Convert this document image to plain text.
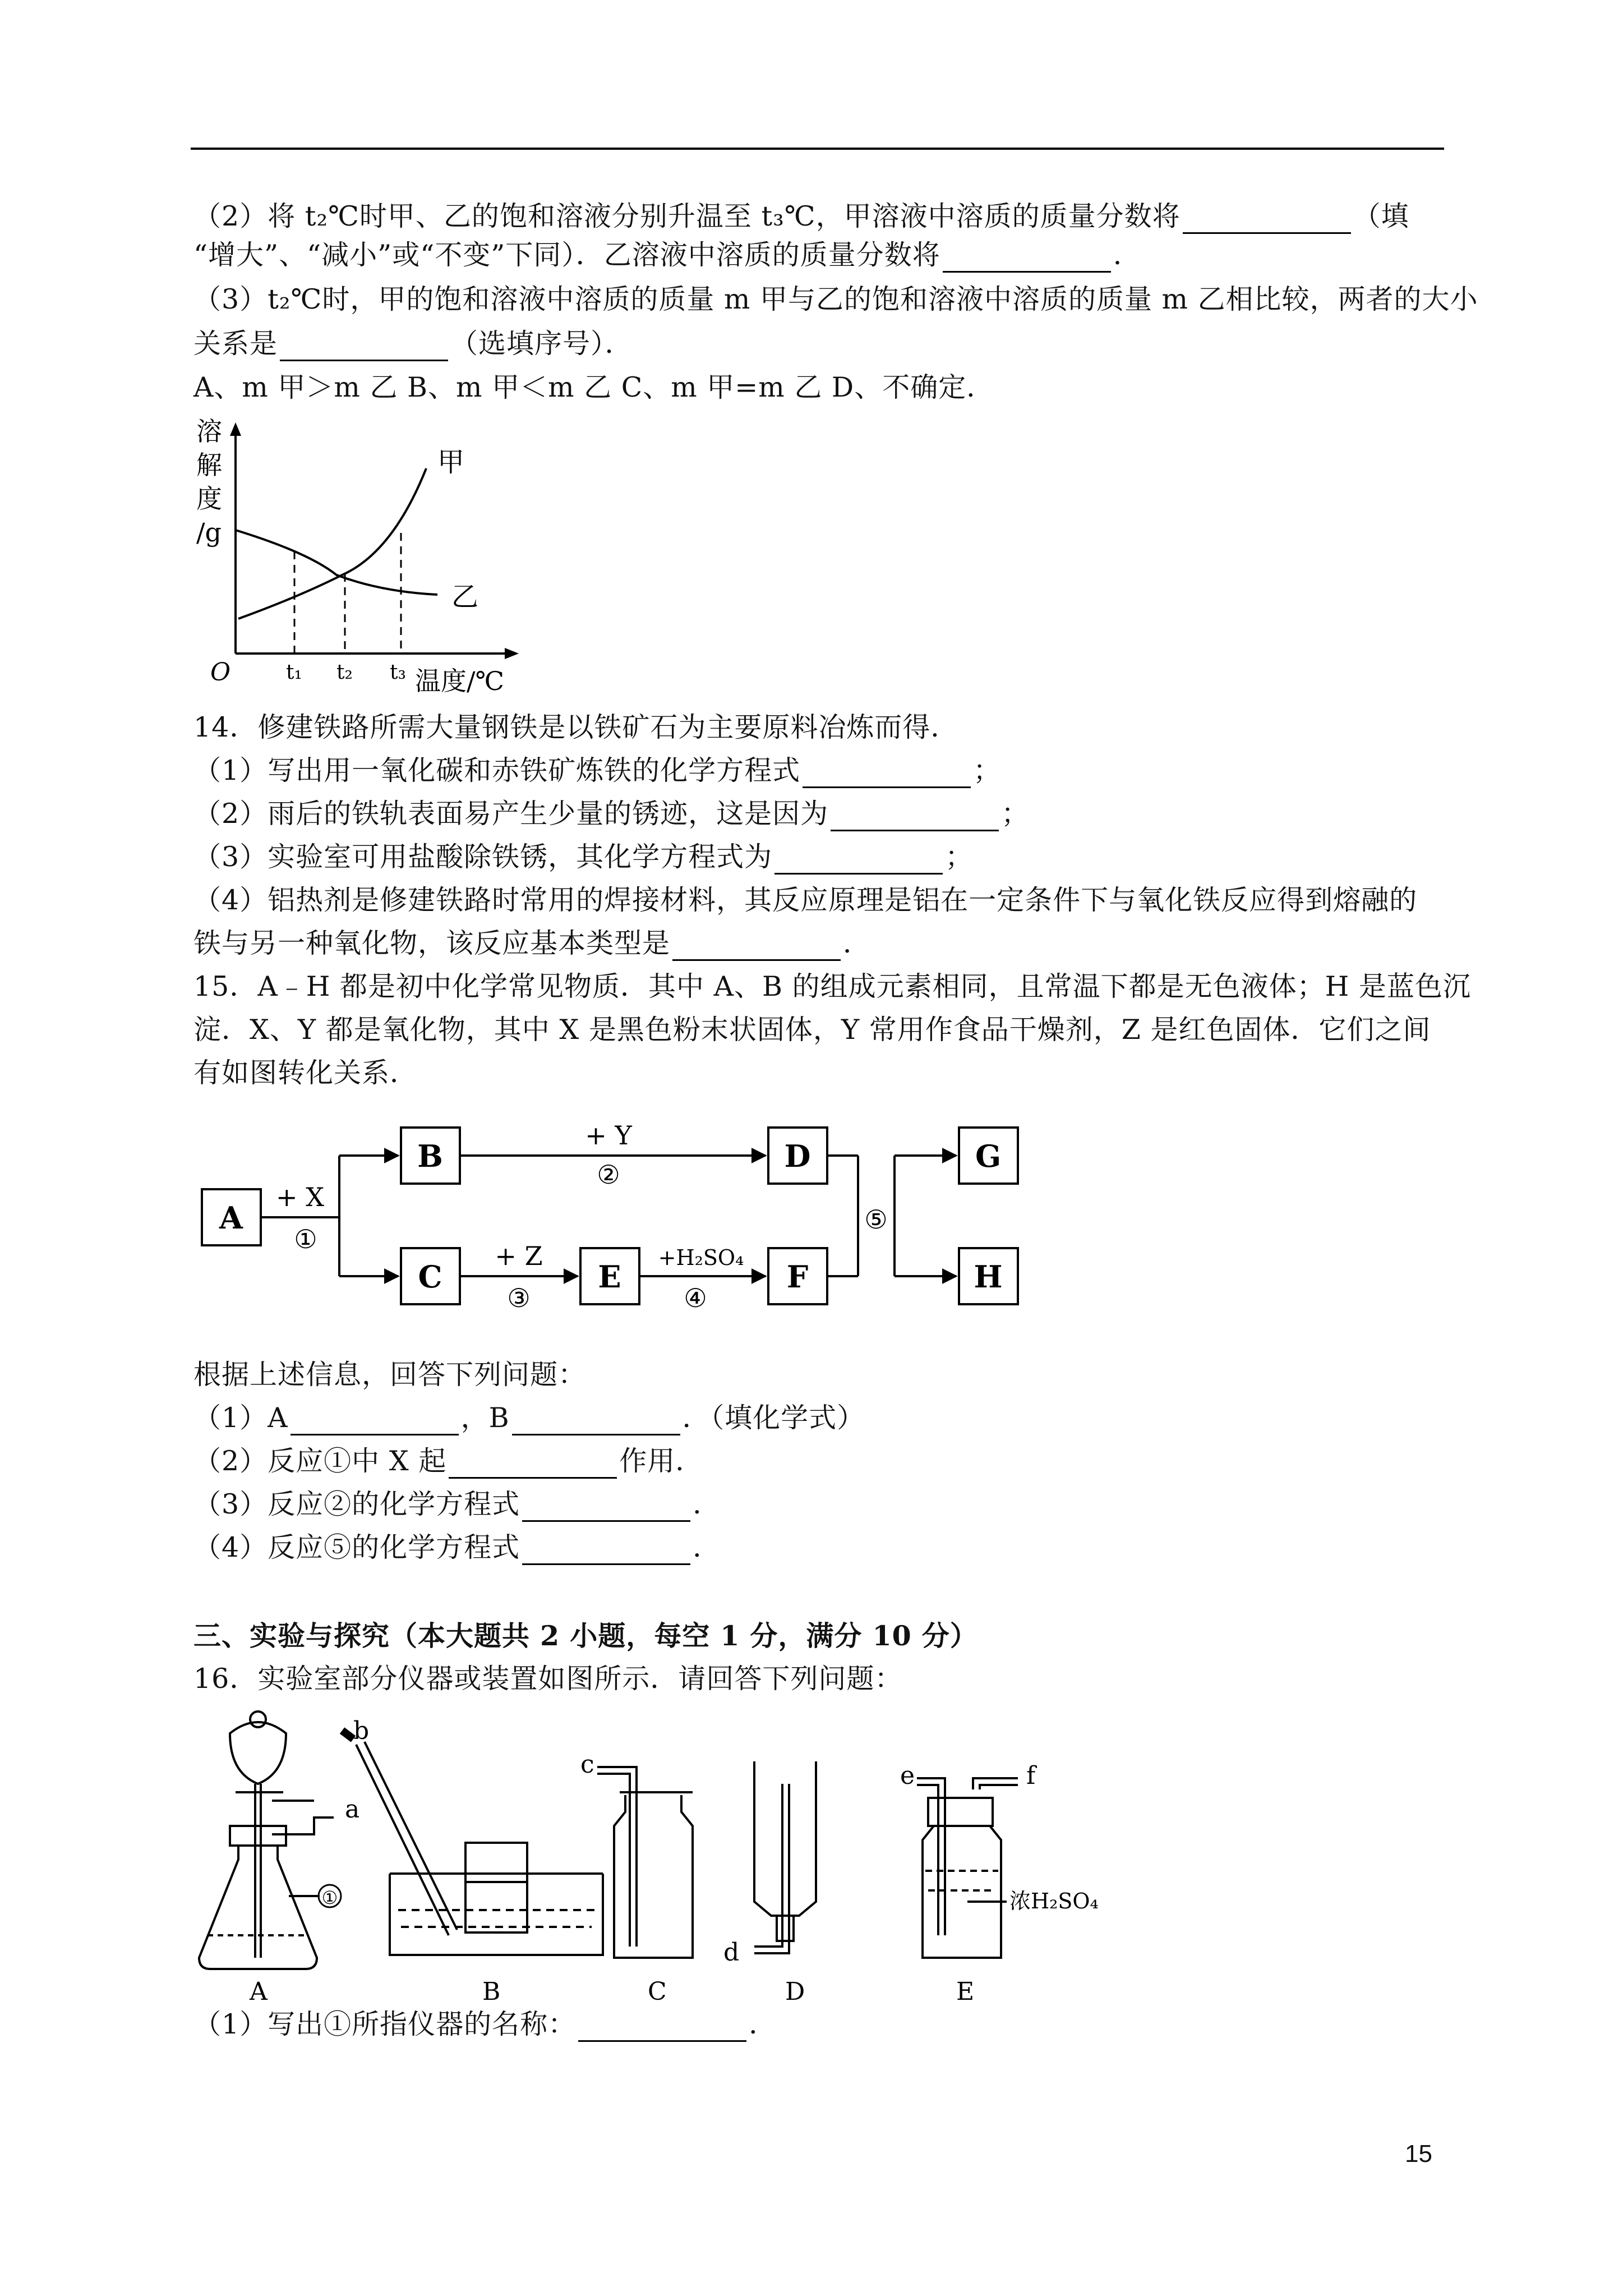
（2）将 t₂℃时甲、乙的饱和溶液分别升温至 t₃℃，甲溶液中溶质的质量分数将	（填
“增大”、“减小”或“不变”下同）．乙溶液中溶质的质量分数将	．
（3）t₂℃时，甲的饱和溶液中溶质的质量 m 甲与乙的饱和溶液中溶质的质量 m 乙相比较，两者的大小
关系是	（选填序号）．
A、m 甲＞m 乙 B、m 甲＜m 乙 C、m 甲=m 乙 D、不确定．
溶
解
度
/g
O	t₁ t₂ t₃ 温度/℃
甲
乙
14．修建铁路所需大量钢铁是以铁矿石为主要原料冶炼而得．
（1）写出用一氧化碳和赤铁矿炼铁的化学方程式	；
（2）雨后的铁轨表面易产生少量的锈迹，这是因为	；
（3）实验室可用盐酸除铁锈，其化学方程式为	；
（4）铝热剂是修建铁路时常用的焊接材料，其反应原理是铝在一定条件下与氧化铁反应得到熔融的
铁与另一种氧化物，该反应基本类型是	．
15．A﹣H 都是初中化学常见物质．其中 A、B 的组成元素相同，且常温下都是无色液体；H 是蓝色沉
淀．X、Y 都是氧化物，其中 X 是黑色粉末状固体，Y 常用作食品干燥剂，Z 是红色固体．它们之间
有如图转化关系．
A
B
C
D
E	F
G
H
+ X
①
+ Y
②
+ Z
③
+H₂SO₄
④
⑤
根据上述信息，回答下列问题：
（1）A	，B	．（填化学式）
（2）反应①中 X 起	作用．
（3）反应②的化学方程式	．
（4）反应⑤的化学方程式	．
三、实验与探究（本大题共 2 小题，每空 1 分，满分 10 分）
16．实验室部分仪器或装置如图所示．请回答下列问题：
a
①
A
b
B
c
C
d
D
e	f
浓H₂SO₄
E
（1）写出①所指仪器的名称：	．
15
